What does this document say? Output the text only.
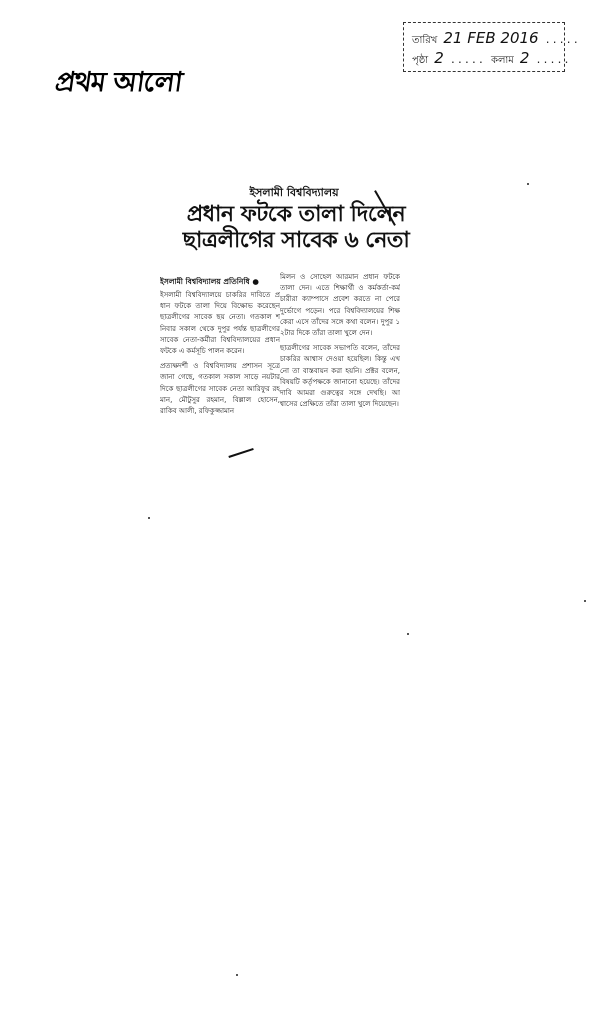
প্রথম আলো
তারিখ 21 FEB 2016 .....
পৃষ্ঠা 2 ..... কলাম 2 .....
ইসলামী বিশ্ববিদ্যালয়
প্রধান ফটকে তালা দিলেন
ছাত্রলীগের সাবেক ৬ নেতা
ইসলামী বিশ্ববিদ্যালয় প্রতিনিধি ●

ইসলামী বিশ্ববিদ্যালয়ে চাকরির দাবিতে প্রধান ফটকে তালা দিয়ে বিক্ষোভ করেছেন ছাত্রলীগের সাবেক ছয় নেতা। গতকাল শনিবার সকাল থেকে দুপুর পর্যন্ত ছাত্রলীগের সাবেক নেতা-কর্মীরা বিশ্ববিদ্যালয়ের প্রধান ফটকে এ কর্মসূচি পালন করেন।

প্রত্যক্ষদর্শী ও বিশ্ববিদ্যালয় প্রশাসন সূত্রে জানা গেছে, গতকাল সকাল সাড়ে নয়টার দিকে ছাত্রলীগের সাবেক নেতা আরিফুর রহমান, মৌটুসুর রহমান, বিল্লাল হোসেন, রাকিব আলী, রফিকুজ্জামান

মিলন ও সোহেল আরমান প্রধান ফটকে তালা দেন। এতে শিক্ষার্থী ও কর্মকর্তা-কর্মচারীরা ক্যাম্পাসে প্রবেশ করতে না পেরে দুর্ভোগে পড়েন। পরে বিশ্ববিদ্যালয়ের শিক্ষকেরা এসে তাঁদের সঙ্গে কথা বলেন। দুপুর ১২টার দিকে তাঁরা তালা খুলে দেন।

ছাত্রলীগের সাবেক সভাপতি বলেন, তাঁদের চাকরির আশ্বাস দেওয়া হয়েছিল। কিন্তু এখনো তা বাস্তবায়ন করা হয়নি। প্রক্টর বলেন, বিষয়টি কর্তৃপক্ষকে জানানো হয়েছে। তাঁদের দাবি আমরা গুরুত্বের সঙ্গে দেখছি। আশ্বাসের প্রেক্ষিতে তাঁরা তালা খুলে দিয়েছেন।
